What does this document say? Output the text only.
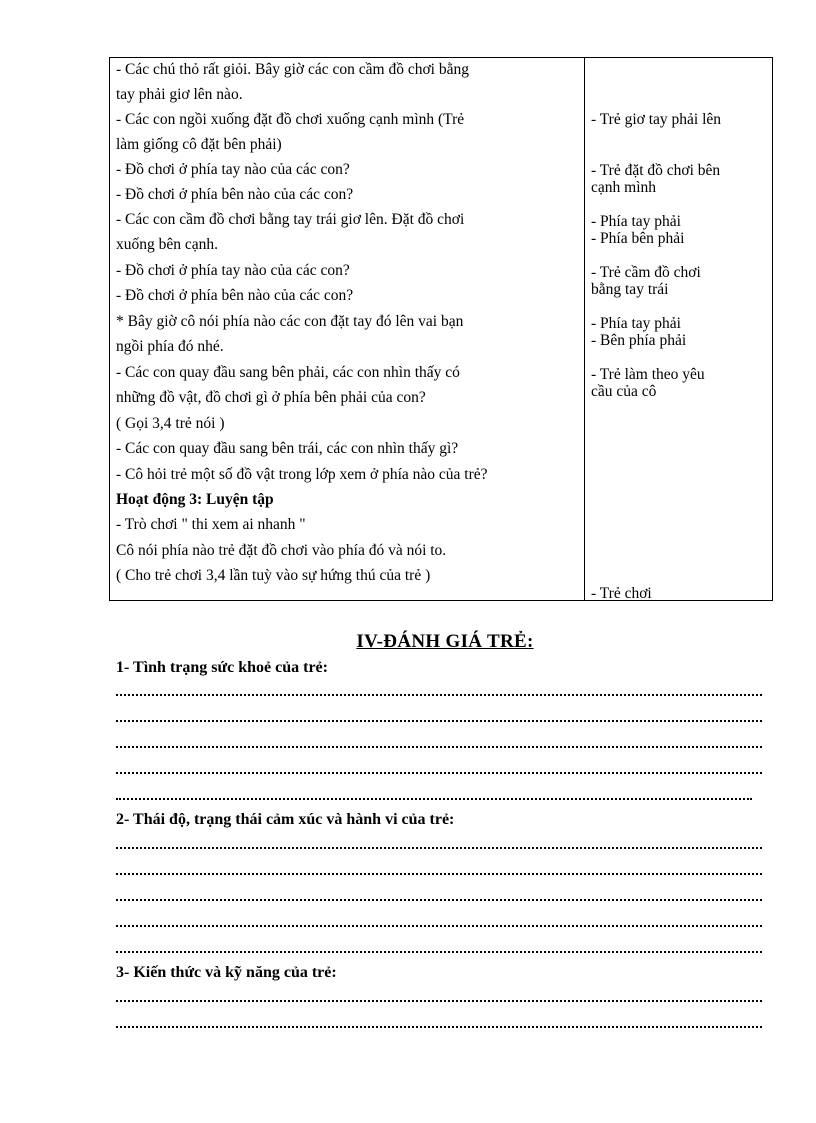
- Các chú thỏ rất giỏi. Bây giờ các con cầm đồ chơi bằng
tay phải giơ lên nào.
- Các con ngồi xuống đặt đồ chơi xuống cạnh mình (Trẻ
làm giống cô đặt bên phải)
- Đồ chơi ở phía tay nào của các con?
- Đồ chơi ở phía bên nào của các con?
- Các con cầm đồ chơi bằng tay trái giơ lên. Đặt đồ chơi
xuống bên cạnh.
- Đồ chơi ở phía tay nào của các con?
- Đồ chơi ở phía bên nào của các con?
* Bây giờ cô nói phía nào các con đặt tay đó lên vai bạn
ngồi phía đó nhé.
- Các con quay đầu sang bên phải, các con nhìn thấy có
những đồ vật, đồ chơi gì ở phía bên phải của con?
( Gọi 3,4 trẻ nói )
- Các con quay đầu sang bên trái, các con nhìn thấy gì?
- Cô hỏi trẻ một số đồ vật trong lớp xem ở phía nào của trẻ?
Hoạt động 3: Luyện tập
- Trò chơi " thi xem ai nhanh "
Cô nói phía nào trẻ đặt đồ chơi vào phía đó và nói to.
( Cho trẻ chơi 3,4 lần tuỳ vào sự hứng thú của trẻ )
- Trẻ giơ tay phải lên
- Trẻ đặt đồ chơi bên
cạnh mình
- Phía tay phải
- Phía bên phải
- Trẻ cầm đồ chơi
bằng tay trái
- Phía tay phải
- Bên phía phải
- Trẻ làm theo yêu
cầu của cô
- Trẻ chơi
IV-ĐÁNH GIÁ TRẺ:
1- Tình trạng sức khoẻ của trẻ:
2- Thái độ, trạng thái cảm xúc và hành vi của trẻ:
3- Kiến thức và kỹ năng của trẻ:
